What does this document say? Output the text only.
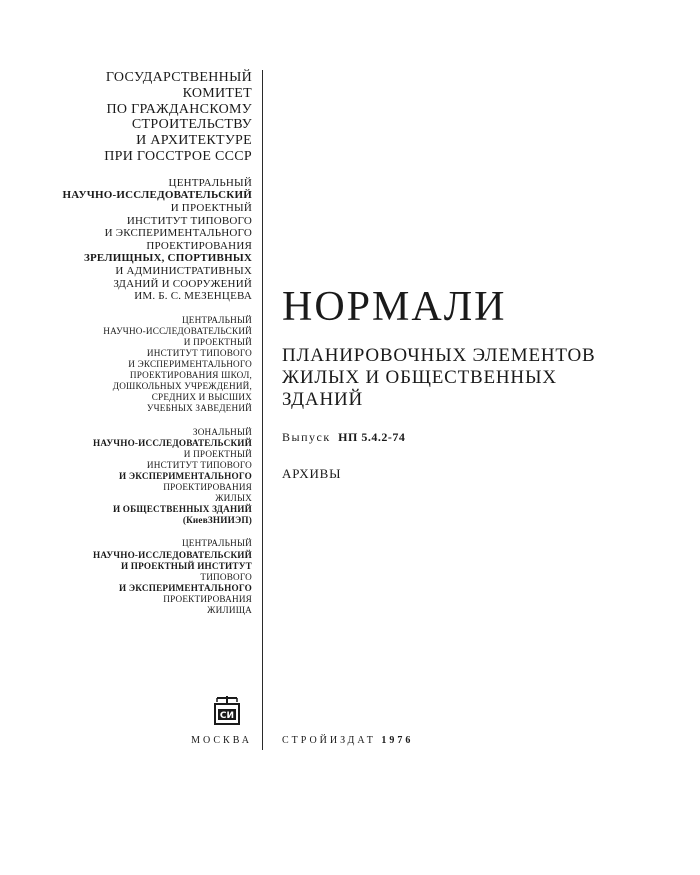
ГОСУДАРСТВЕННЫЙ
КОМИТЕТ
ПО ГРАЖДАНСКОМУ
СТРОИТЕЛЬСТВУ
И АРХИТЕКТУРЕ
ПРИ ГОССТРОЕ СССР
ЦЕНТРАЛЬНЫЙ
НАУЧНО-ИССЛЕДОВАТЕЛЬСКИЙ
И ПРОЕКТНЫЙ
ИНСТИТУТ ТИПОВОГО
И ЭКСПЕРИМЕНТАЛЬНОГО
ПРОЕКТИРОВАНИЯ
ЗРЕЛИЩНЫХ, СПОРТИВНЫХ
И АДМИНИСТРАТИВНЫХ
ЗДАНИЙ И СООРУЖЕНИЙ
ИМ. Б. С. МЕЗЕНЦЕВА
ЦЕНТРАЛЬНЫЙ
НАУЧНО-ИССЛЕДОВАТЕЛЬСКИЙ
И ПРОЕКТНЫЙ
ИНСТИТУТ ТИПОВОГО
И ЭКСПЕРИМЕНТАЛЬНОГО
ПРОЕКТИРОВАНИЯ ШКОЛ,
ДОШКОЛЬНЫХ УЧРЕЖДЕНИЙ,
СРЕДНИХ И ВЫСШИХ
УЧЕБНЫХ ЗАВЕДЕНИЙ
ЗОНАЛЬНЫЙ
НАУЧНО-ИССЛЕДОВАТЕЛЬСКИЙ
И ПРОЕКТНЫЙ
ИНСТИТУТ ТИПОВОГО
И ЭКСПЕРИМЕНТАЛЬНОГО
ПРОЕКТИРОВАНИЯ
ЖИЛЫХ
И ОБЩЕСТВЕННЫХ ЗДАНИЙ
(КиевЗНИИЭП)
ЦЕНТРАЛЬНЫЙ
НАУЧНО-ИССЛЕДОВАТЕЛЬСКИЙ
И ПРОЕКТНЫЙ ИНСТИТУТ
ТИПОВОГО
И ЭКСПЕРИМЕНТАЛЬНОГО
ПРОЕКТИРОВАНИЯ
ЖИЛИЩА
СИ
МОСКВА
НОРМАЛИ
ПЛАНИРОВОЧНЫХ ЭЛЕМЕНТОВ
ЖИЛЫХ И ОБЩЕСТВЕННЫХ
ЗДАНИЙ
Выпуск НП 5.4.2-74
АРХИВЫ
СТРОЙИЗДАТ 1976
